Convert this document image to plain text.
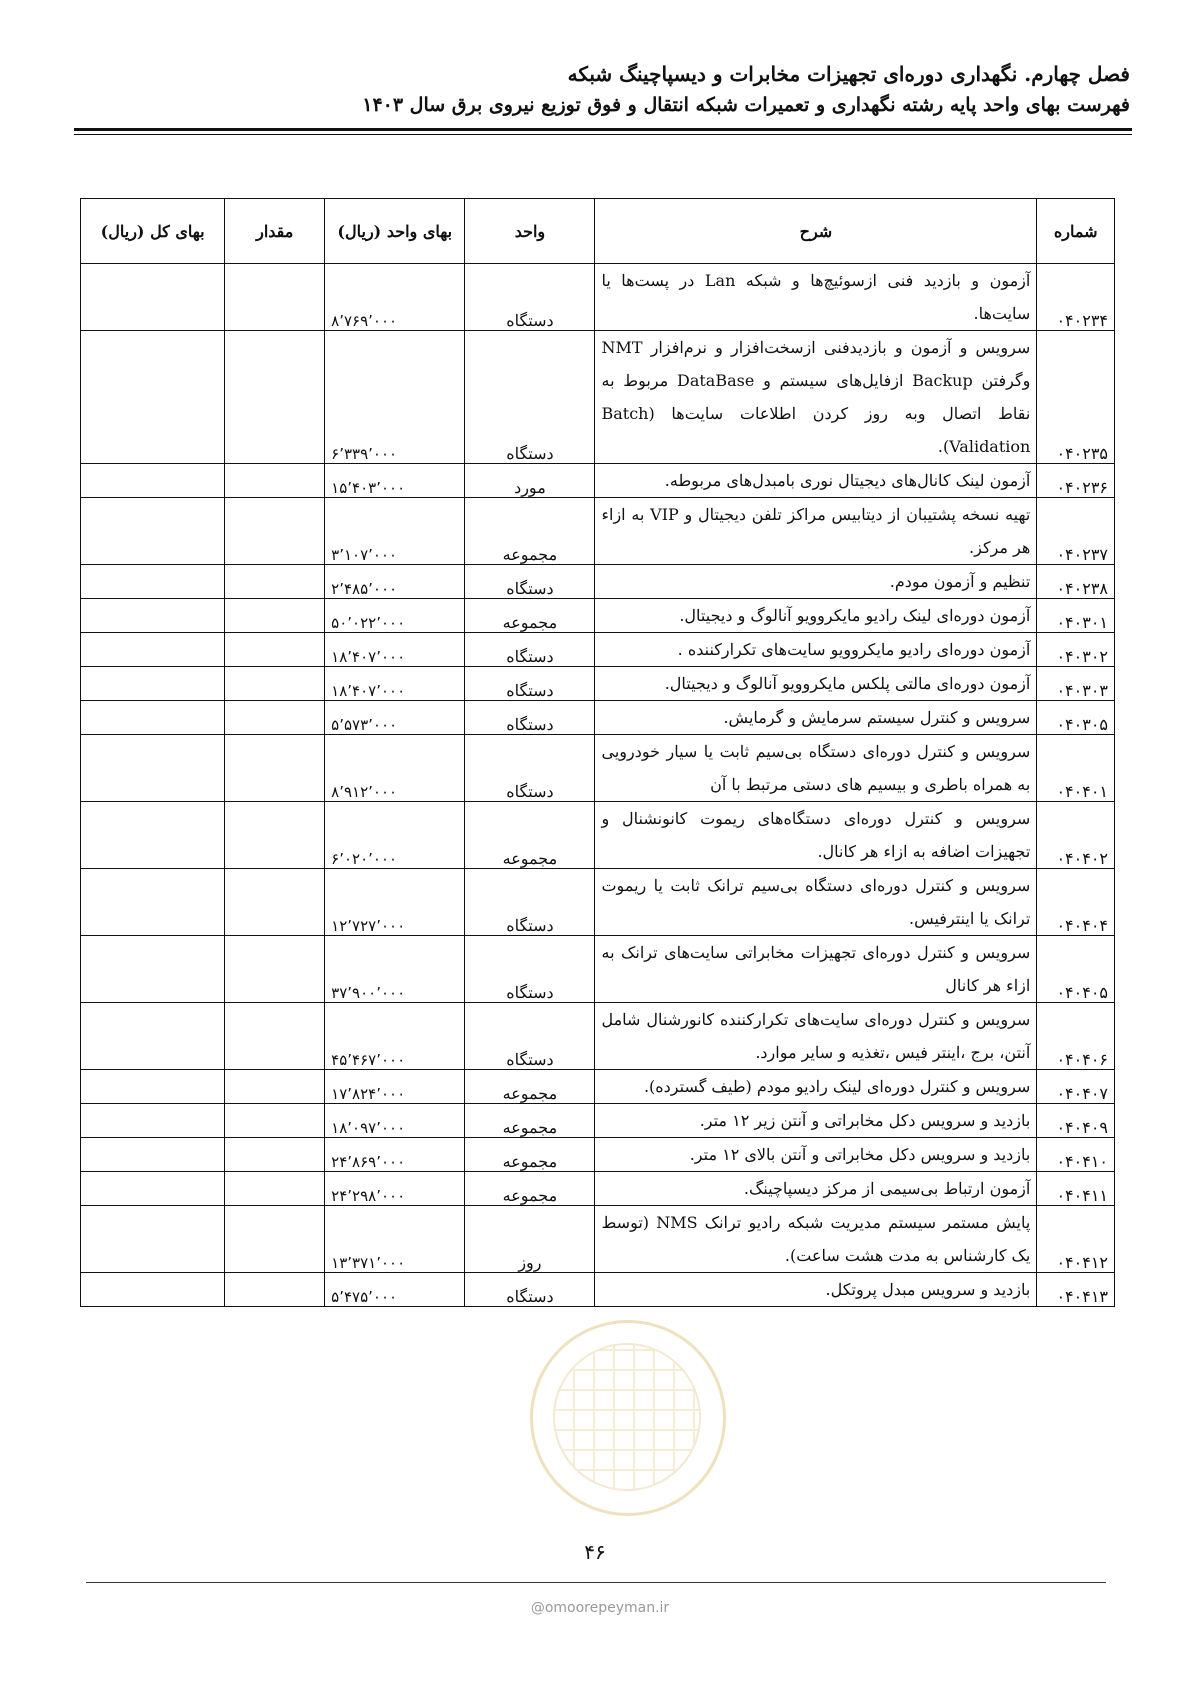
فصل چهارم. نگهداری دوره‌ای تجهیزات مخابرات و دیسپاچینگ شبکه
فهرست بهای واحد پایه رشته نگهداری و تعمیرات شبکه انتقال و فوق توزیع نیروی برق سال ۱۴۰۳
شماره	شرح	واحد	بهای واحد (ریال)	مقدار	بهای کل (ریال)
۰۴۰۲۳۴	آزمون و بازدید فنی ازسوئیچ‌ها و شبکه Lan در پست‌ها یا سایت‌ها.	دستگاه	۸٬۷۶۹٬۰۰۰		
۰۴۰۲۳۵	سرویس و آزمون و بازدیدفنی ازسخت‌افزار و نرم‌افزار NMT وگرفتن Backup ازفایل‌های سیستم و DataBase مربوط به نقاط اتصال وبه روز کردن اطلاعات سایت‌ها (Batch Validation).	دستگاه	۶٬۳۳۹٬۰۰۰		
۰۴۰۲۳۶	آزمون لینک کانال‌های دیجیتال نوری بامبدل‌های مربوطه.	مورد	۱۵٬۴۰۳٬۰۰۰		
۰۴۰۲۳۷	تهیه نسخه پشتیبان از دیتابیس مراکز تلفن دیجیتال و VIP به ازاء هر مرکز.	مجموعه	۳٬۱۰۷٬۰۰۰		
۰۴۰۲۳۸	تنظیم و آزمون مودم.	دستگاه	۲٬۴۸۵٬۰۰۰		
۰۴۰۳۰۱	آزمون دوره‌ای لینک رادیو مایکروویو آنالوگ و دیجیتال.	مجموعه	۵۰٬۰۲۲٬۰۰۰		
۰۴۰۳۰۲	آزمون دوره‌ای رادیو مایکروویو سایت‌های تکرارکننده .	دستگاه	۱۸٬۴۰۷٬۰۰۰		
۰۴۰۳۰۳	آزمون دوره‌ای مالتی پلکس مایکروویو آنالوگ و دیجیتال.	دستگاه	۱۸٬۴۰۷٬۰۰۰		
۰۴۰۳۰۵	سرویس و کنترل سیستم سرمایش و گرمایش.	دستگاه	۵٬۵۷۳٬۰۰۰		
۰۴۰۴۰۱	سرویس و کنترل دوره‌ای دستگاه بی‌سیم ثابت یا سیار خودرویی به همراه باطری و بیسیم های دستی مرتبط با آن	دستگاه	۸٬۹۱۲٬۰۰۰		
۰۴۰۴۰۲	سرویس و کنترل دوره‌ای دستگاه‌های ریموت کانونشنال و تجهیزات اضافه به ازاء هر کانال.	مجموعه	۶٬۰۲۰٬۰۰۰		
۰۴۰۴۰۴	سرویس و کنترل دوره‌ای دستگاه بی‌سیم ترانک ثابت یا ریموت ترانک یا اینترفیس.	دستگاه	۱۲٬۷۲۷٬۰۰۰		
۰۴۰۴۰۵	سرویس و کنترل دوره‌ای تجهیزات مخابراتی سایت‌های ترانک به ازاء هر کانال	دستگاه	۳۷٬۹۰۰٬۰۰۰		
۰۴۰۴۰۶	سرویس و کنترل دوره‌ای سایت‌های تکرارکننده کانورشنال شامل آنتن، برج ،اینتر فیس ،تغذیه و سایر موارد.	دستگاه	۴۵٬۴۶۷٬۰۰۰		
۰۴۰۴۰۷	سرویس و کنترل دوره‌ای لینک رادیو مودم (طیف گسترده).	مجموعه	۱۷٬۸۲۴٬۰۰۰		
۰۴۰۴۰۹	بازدید و سرویس دکل مخابراتی و آنتن زیر ۱۲ متر.	مجموعه	۱۸٬۰۹۷٬۰۰۰		
۰۴۰۴۱۰	بازدید و سرویس دکل مخابراتی و آنتن بالای ۱۲ متر.	مجموعه	۲۴٬۸۶۹٬۰۰۰		
۰۴۰۴۱۱	آزمون ارتباط بی‌سیمی از مرکز دیسپاچینگ.	مجموعه	۲۴٬۲۹۸٬۰۰۰		
۰۴۰۴۱۲	پایش مستمر سیستم مدیریت شبکه رادیو ترانک NMS (توسط یک کارشناس به مدت هشت ساعت).	روز	۱۳٬۳۷۱٬۰۰۰		
۰۴۰۴۱۳	بازدید و سرویس مبدل پروتکل.	دستگاه	۵٬۴۷۵٬۰۰۰		
۴۶
@omoorepeyman.ir
